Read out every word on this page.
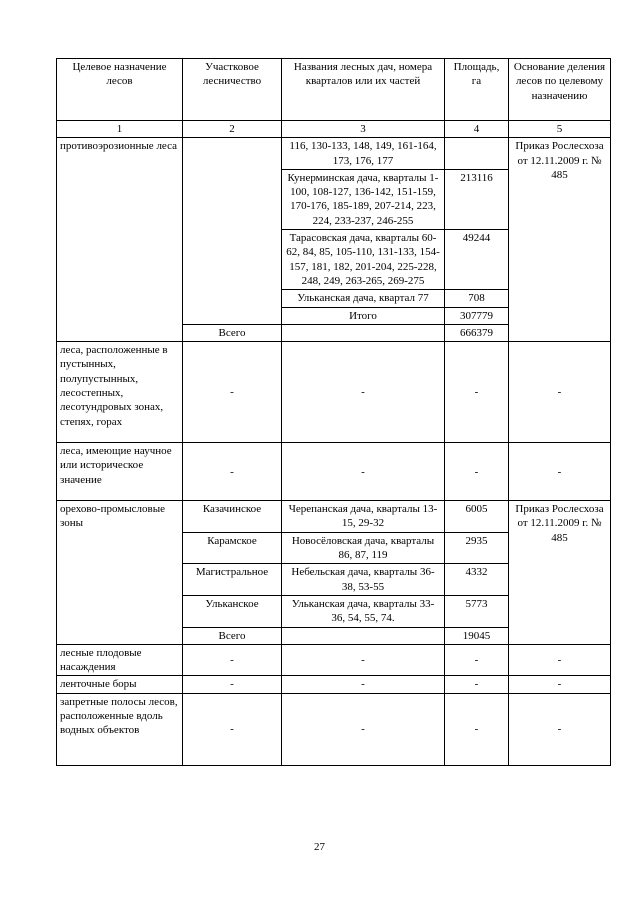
Целевое назначение лесов	Участковое лесничество	Названия лесных дач, номера кварталов или их частей	Площадь, га	Основание деления лесов по целевому назначению
1	2	3	4	5
противоэрозионные леса		116, 130-133, 148, 149, 161-164, 173, 176, 177		Приказ Рослесхоза от 12.11.2009 г. № 485
		Кунерминская дача, кварталы 1-100, 108-127, 136-142, 151-159, 170-176, 185-189, 207-214, 223, 224, 233-237, 246-255	213116	
		Тарасовская дача, кварталы 60-62, 84, 85, 105-110, 131-133, 154-157, 181, 182, 201-204, 225-228, 248, 249, 263-265, 269-275	49244	
		Ульканская дача, квартал 77	708	
		Итого	307779	
	Всего		666379	
леса, расположенные в пустынных, полупустынных, лесостепных, лесотундровых зонах, степях, горах	-	-	-	-
леса, имеющие научное или историческое значение	-	-	-	-
орехово-промысловые зоны	Казачинское	Черепанская дача, кварталы 13-15, 29-32	6005	Приказ Рослесхоза от 12.11.2009 г. № 485
	Карамское	Новосёловская дача, кварталы 86, 87, 119	2935	
	Магистральное	Небельская дача, кварталы 36-38, 53-55	4332	
	Ульканское	Ульканская дача, кварталы 33-36, 54, 55, 74.	5773	
	Всего		19045	
лесные плодовые насаждения	-	-	-	-
ленточные боры	-	-	-	-
запретные полосы лесов, расположенные вдоль водных объектов	-	-	-	-
27
